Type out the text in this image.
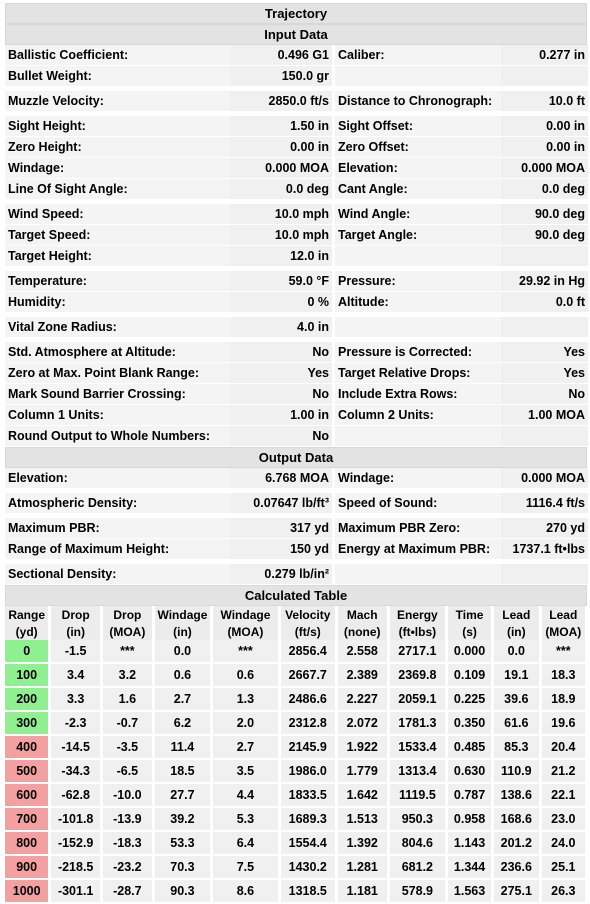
Trajectory
Input Data
Ballistic Coefficient:	0.496 G1	Caliber:	0.277 in
Bullet Weight:	150.0 gr		
Muzzle Velocity:	2850.0 ft/s	Distance to Chronograph:	10.0 ft
Sight Height:	1.50 in	Sight Offset:	0.00 in
Zero Height:	0.00 in	Zero Offset:	0.00 in
Windage:	0.000 MOA	Elevation:	0.000 MOA
Line Of Sight Angle:	0.0 deg	Cant Angle:	0.0 deg
Wind Speed:	10.0 mph	Wind Angle:	90.0 deg
Target Speed:	10.0 mph	Target Angle:	90.0 deg
Target Height:	12.0 in		
Temperature:	59.0 °F	Pressure:	29.92 in Hg
Humidity:	0 %	Altitude:	0.0 ft
Vital Zone Radius:	4.0 in		
Std. Atmosphere at Altitude:	No	Pressure is Corrected:	Yes
Zero at Max. Point Blank Range:	Yes	Target Relative Drops:	Yes
Mark Sound Barrier Crossing:	No	Include Extra Rows:	No
Column 1 Units:	1.00 in	Column 2 Units:	1.00 MOA
Round Output to Whole Numbers:	No		
Output Data
Elevation:	6.768 MOA	Windage:	0.000 MOA
Atmospheric Density:	0.07647 lb/ft³	Speed of Sound:	1116.4 ft/s
Maximum PBR:	317 yd	Maximum PBR Zero:	270 yd
Range of Maximum Height:	150 yd	Energy at Maximum PBR:	1737.1 ft•lbs
Sectional Density:	0.279 lb/in²		
Calculated Table
Range	Drop	Drop	Windage	Windage	Velocity	Mach	Energy	Time	Lead	Lead
(yd)	(in)	(MOA)	(in)	(MOA)	(ft/s)	(none)	(ft•lbs)	(s)	(in)	(MOA)
0	-1.5	***	0.0	***	2856.4	2.558	2717.1	0.000	0.0	***
100	3.4	3.2	0.6	0.6	2667.7	2.389	2369.8	0.109	19.1	18.3
200	3.3	1.6	2.7	1.3	2486.6	2.227	2059.1	0.225	39.6	18.9
300	-2.3	-0.7	6.2	2.0	2312.8	2.072	1781.3	0.350	61.6	19.6
400	-14.5	-3.5	11.4	2.7	2145.9	1.922	1533.4	0.485	85.3	20.4
500	-34.3	-6.5	18.5	3.5	1986.0	1.779	1313.4	0.630	110.9	21.2
600	-62.8	-10.0	27.7	4.4	1833.5	1.642	1119.5	0.787	138.6	22.1
700	-101.8	-13.9	39.2	5.3	1689.3	1.513	950.3	0.958	168.6	23.0
800	-152.9	-18.3	53.3	6.4	1554.4	1.392	804.6	1.143	201.2	24.0
900	-218.5	-23.2	70.3	7.5	1430.2	1.281	681.2	1.344	236.6	25.1
1000	-301.1	-28.7	90.3	8.6	1318.5	1.181	578.9	1.563	275.1	26.3
